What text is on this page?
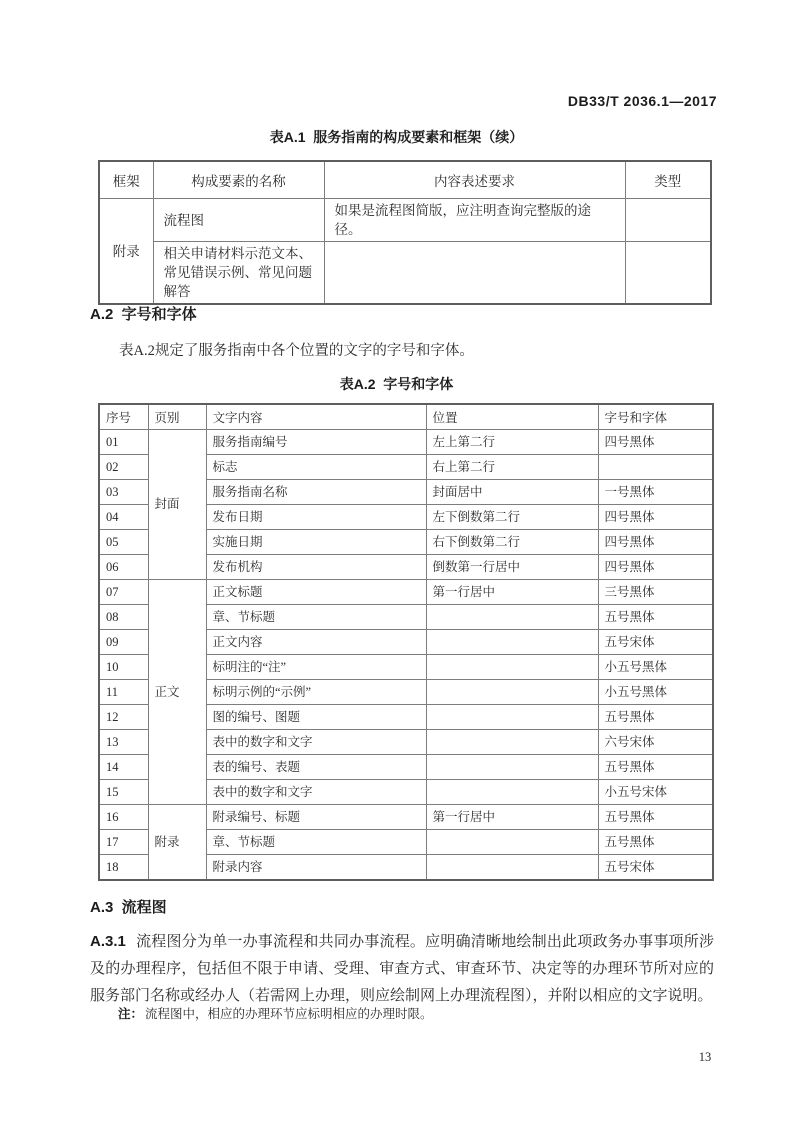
DB33/T 2036.1—2017
表A.1  服务指南的构成要素和框架（续）
框架	构成要素的名称	内容表述要求	类型
附录	流程图	如果是流程图简版，应注明查询完整版的途径。	
	相关申请材料示范文本、常见错误示例、常见问题解答		
A.2  字号和字体
表A.2规定了服务指南中各个位置的文字的字号和字体。
表A.2  字号和字体
序号	页别	文字内容	位置	字号和字体
01	封面	服务指南编号	左上第二行	四号黑体
02		标志	右上第二行	
03		服务指南名称	封面居中	一号黑体
04		发布日期	左下倒数第二行	四号黑体
05		实施日期	右下倒数第二行	四号黑体
06		发布机构	倒数第一行居中	四号黑体
07	正文	正文标题	第一行居中	三号黑体
08		章、节标题		五号黑体
09		正文内容		五号宋体
10		标明注的“注”		小五号黑体
11		标明示例的“示例”		小五号黑体
12		图的编号、图题		五号黑体
13		表中的数字和文字		六号宋体
14		表的编号、表题		五号黑体
15		表中的数字和文字		小五号宋体
16	附录	附录编号、标题	第一行居中	五号黑体
17		章、节标题		五号黑体
18		附录内容		五号宋体
A.3  流程图
A.3.1 流程图分为单一办事流程和共同办事流程。应明确清晰地绘制出此项政务办事事项所涉及的办理程序，包括但不限于申请、受理、审查方式、审查环节、决定等的办理环节所对应的服务部门名称或经办人（若需网上办理，则应绘制网上办理流程图），并附以相应的文字说明。
注： 流程图中，相应的办理环节应标明相应的办理时限。
13
